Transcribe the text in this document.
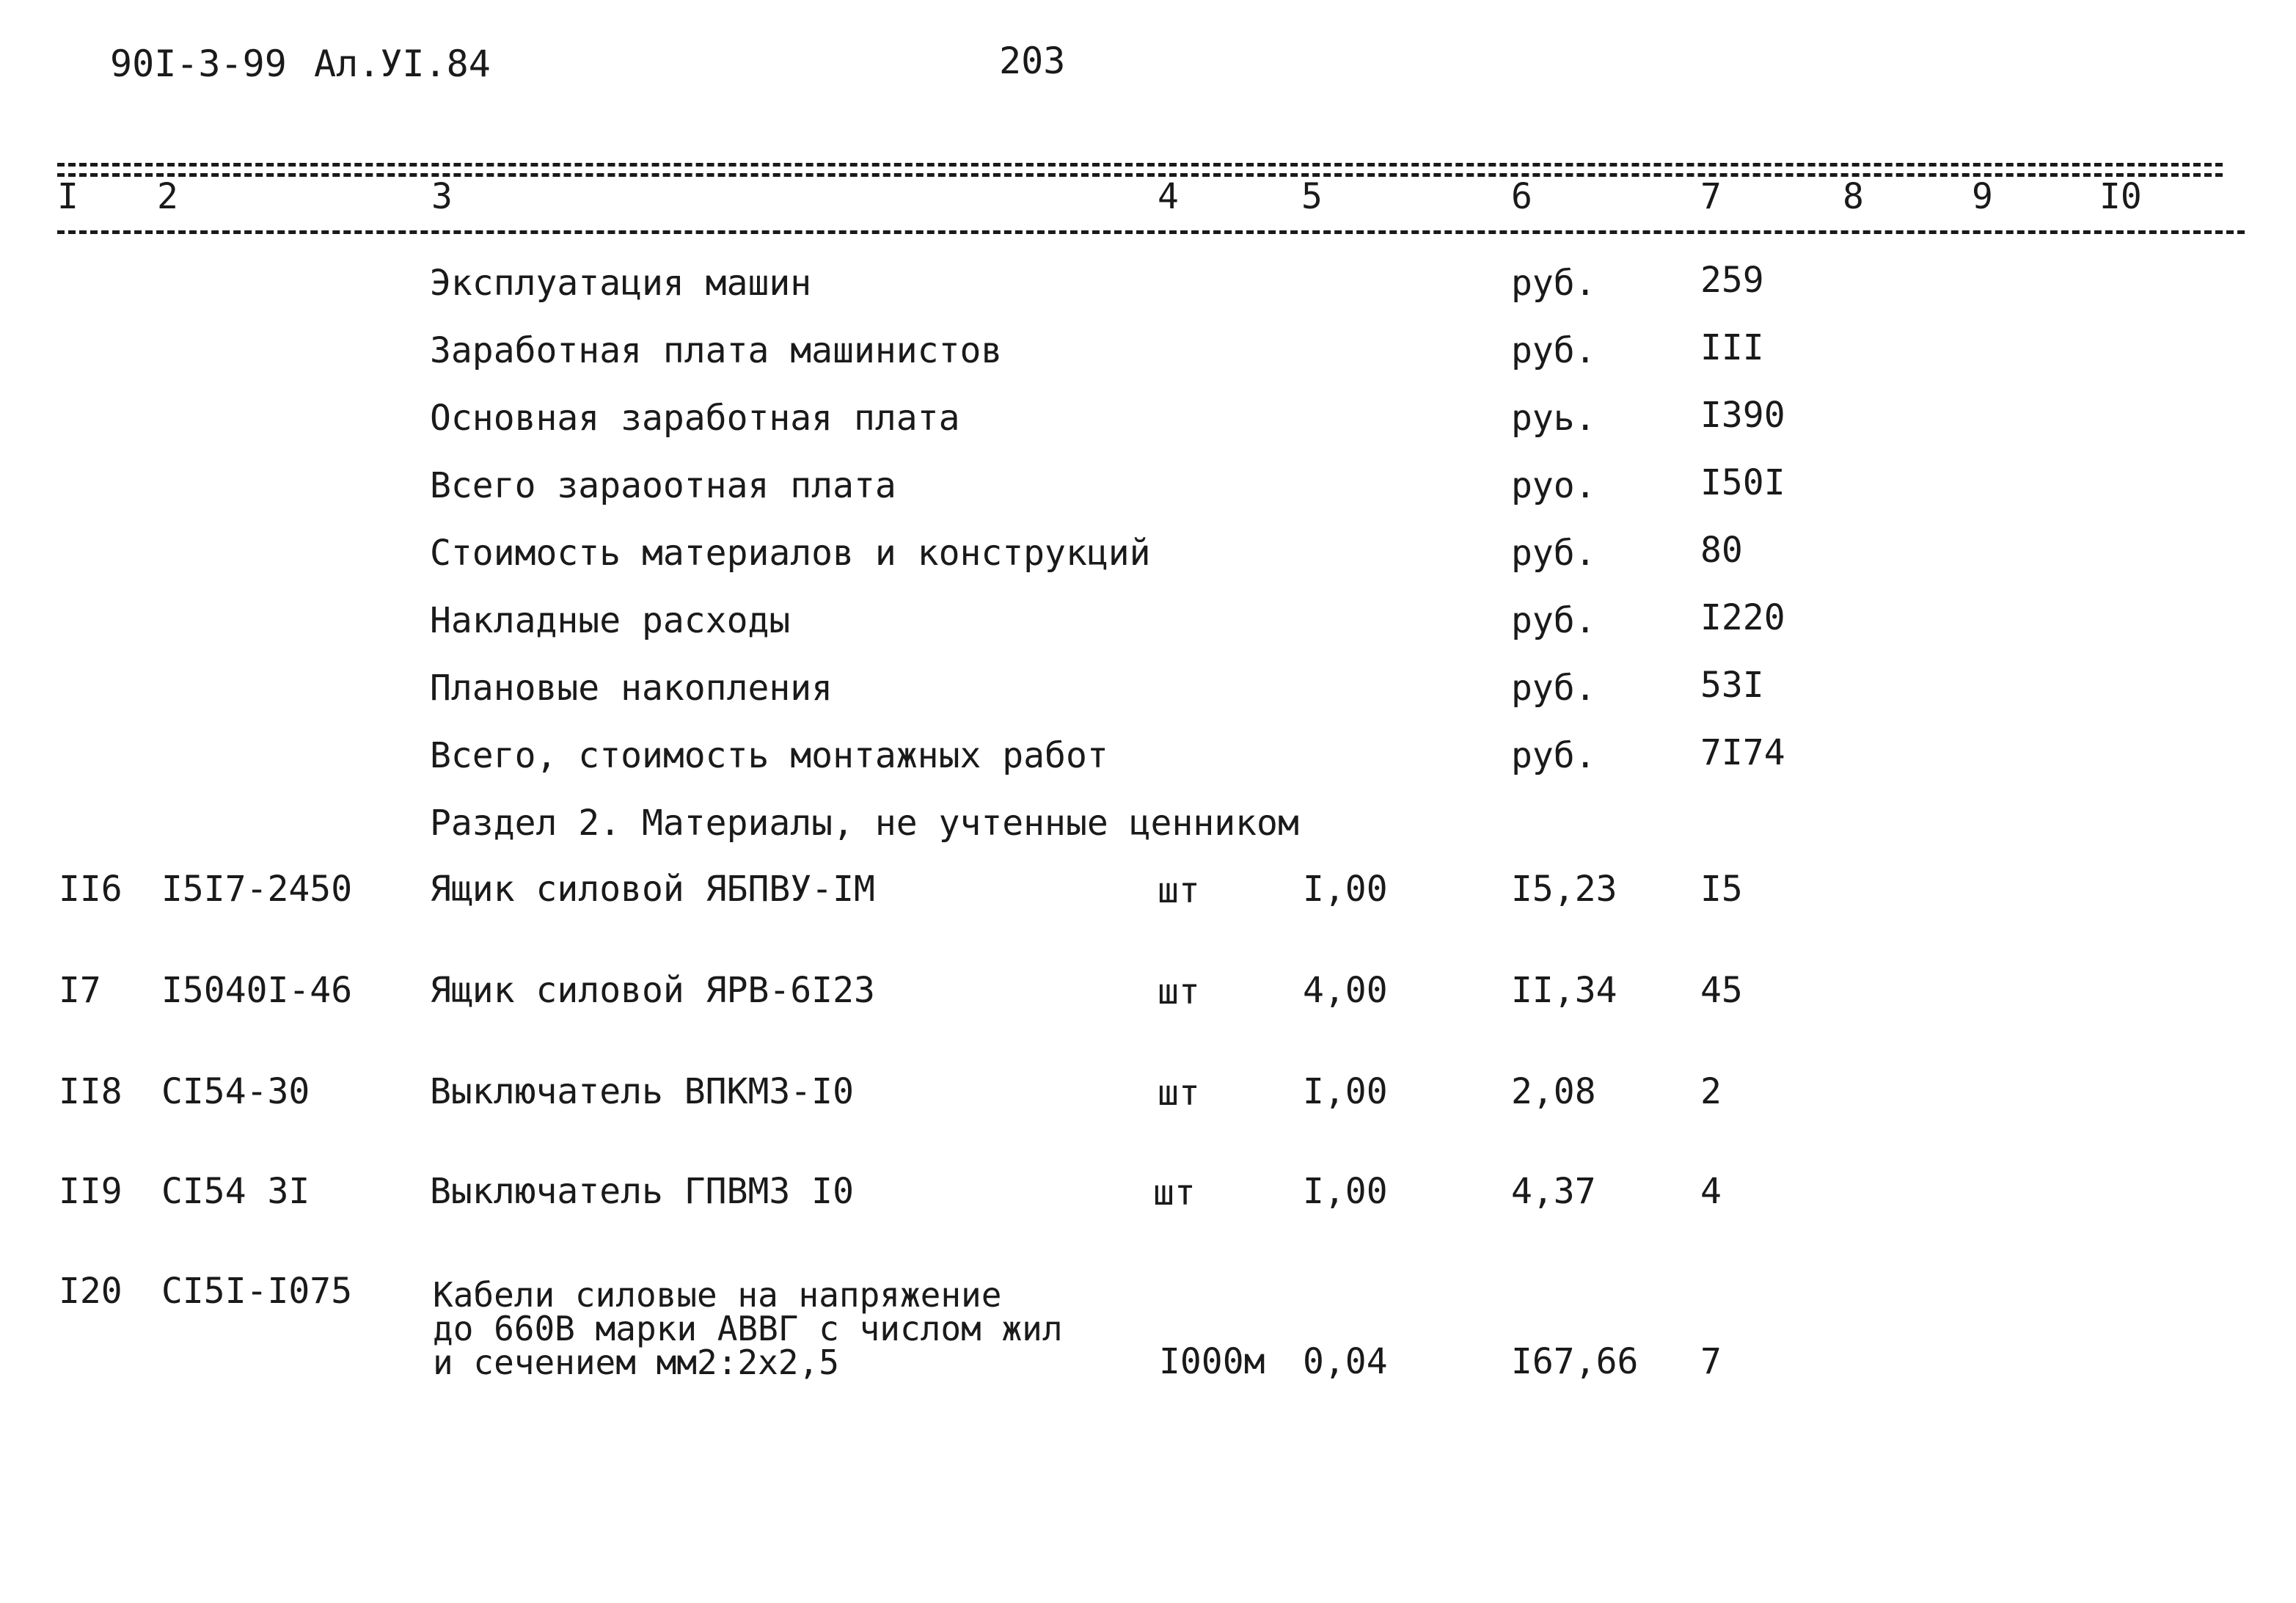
90I-3-99 Ал.УI.84	203
I 2	3	4	5	6	7	8	9	I0
Эксплуатация машин	руб.	259
Заработная плата машинистов	руб.	III
Основная заработная плата	руь.	I390
Всего зараоотная плата	руо.	I50I
Стоимость материалов и конструкций	руб.	80
Накладные расходы	руб.	I220
Плановые накопления	руб.	53I
Всего, стоимость монтажных работ	руб.	7I74
Раздел 2. Материалы, не учтенные ценником
II6 I5I7-2450 Ящик силовой ЯБПВУ-IМ	шт	I,00	I5,23 I5
I7 I5040I-46 Ящик силовой ЯРВ-6I23	шт	4,00	II,34 45
II8 CI54-30	Выключатель ВПКМЗ-I0	шт	I,00	2,08	2
II9 CI54 3I	Выключатель ГПВМЗ I0	шт	I,00	4,37	4
I20 CI5I-I075 Кабели силовые на напряжение
до 660В марки АВВГ с числом жил
и сечением мм2:2х2,5	I000м 0,04	I67,66 7
